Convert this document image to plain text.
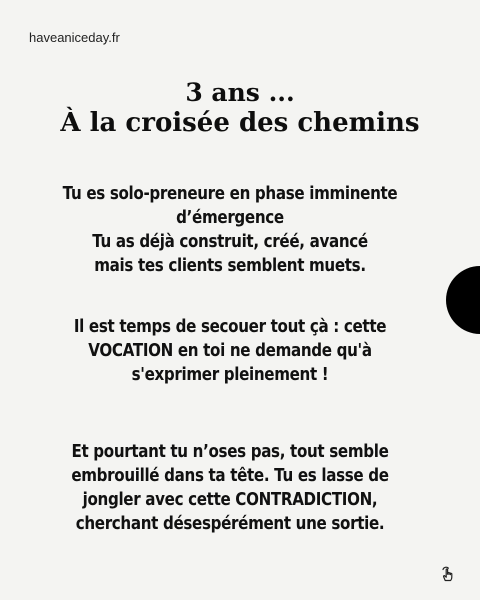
haveaniceday.fr
3 ans ...
À la croisée des chemins
Tu es solo-preneure en phase imminente
d’émergence
Tu as déjà construit, créé, avancé
mais tes clients semblent muets.
Il est temps de secouer tout çà : cette
VOCATION en toi ne demande qu'à
s'exprimer pleinement !
Et pourtant tu n’oses pas, tout semble
embrouillé dans ta tête. Tu es lasse de
jongler avec cette CONTRADICTION,
cherchant désespérément une sortie.
